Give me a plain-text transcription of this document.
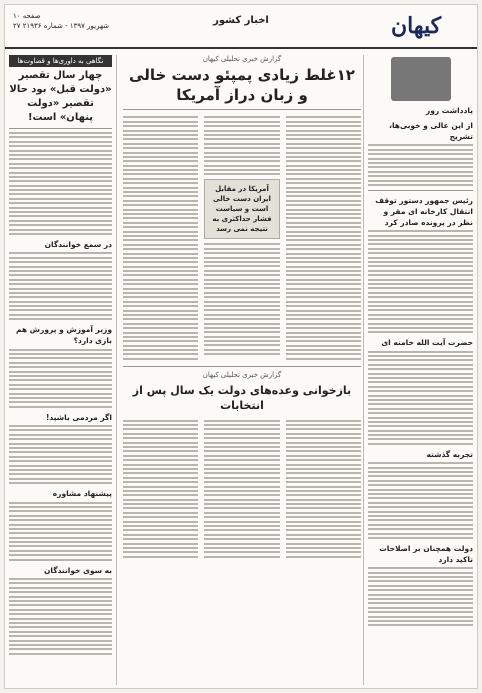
کیهان
اخبار کشور
صفحه ۱۰
۲۷ شهریور ۱۳۹۷ - شماره ۲۱۹۳۶
یادداشت روز
از این عالی و خوبی‌ها، تشریح
رئیس جمهور دستور توقف انتقال کارخانه ای مقر و نظر در پرونده صادر کرد
حضرت آیت الله خامنه ای
تجربه گذشته
دولت همچنان بر اصلاحات تاکید دارد
گزارش خبری تحلیلی کیهان
۱۲غلط زیادی پمپئو دست خالی و زبان دراز آمریکا

آمریکا در مقابل ایران دست خالی است و سیاست فشار حداکثری به نتیجه نمی رسد

گزارش خبری تحلیلی کیهان
بازخوانی وعده‌های دولت یک سال پس از انتخابات
نگاهی به داوری‌ها و قضاوت‌ها
چهار سال تقصیر «دولت قبل» بود حالا تقصیر «دولت پنهان» است!
در سمع خوانندگان
وزیر آموزش و پرورش هم بازی دارد؟
اگر مردمی باشید!
پیشنهاد مشاوره
به سوی خوانندگان
